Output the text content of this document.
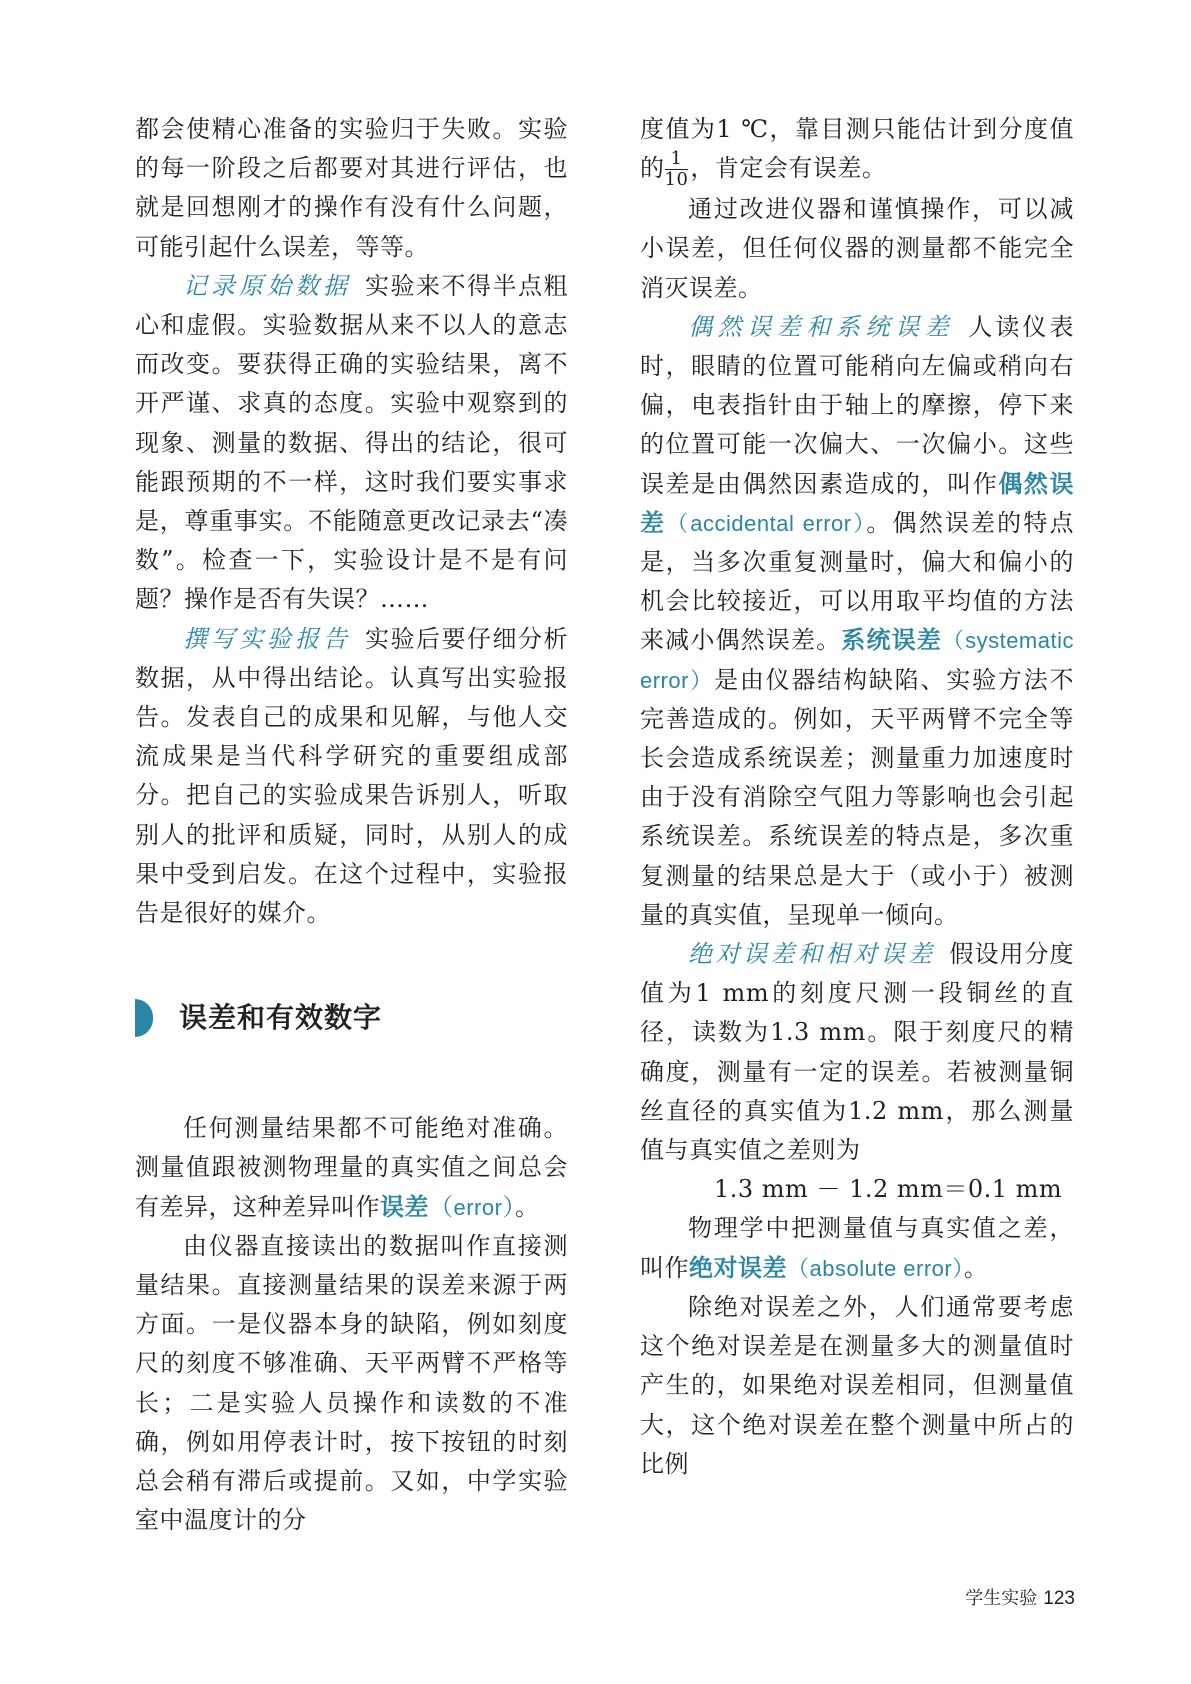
都会使精心准备的实验归于失败。实验的每一阶段之后都要对其进行评估，也就是回想刚才的操作有没有什么问题，可能引起什么误差，等等。

记录原始数据 实验来不得半点粗心和虚假。实验数据从来不以人的意志而改变。要获得正确的实验结果，离不开严谨、求真的态度。实验中观察到的现象、测量的数据、得出的结论，很可能跟预期的不一样，这时我们要实事求是，尊重事实。不能随意更改记录去“凑数”。检查一下，实验设计是不是有问题？操作是否有失误？……

撰写实验报告 实验后要仔细分析数据，从中得出结论。认真写出实验报告。发表自己的成果和见解，与他人交流成果是当代科学研究的重要组成部分。把自己的实验成果告诉别人，听取别人的批评和质疑，同时，从别人的成果中受到启发。在这个过程中，实验报告是很好的媒介。

误差和有效数字

任何测量结果都不可能绝对准确。测量值跟被测物理量的真实值之间总会有差异，这种差异叫作误差（error）。

由仪器直接读出的数据叫作直接测量结果。直接测量结果的误差来源于两方面。一是仪器本身的缺陷，例如刻度尺的刻度不够准确、天平两臂不严格等长；二是实验人员操作和读数的不准确，例如用停表计时，按下按钮的时刻总会稍有滞后或提前。又如，中学实验室中温度计的分

度值为1 ℃，靠目测只能估计到分度值的 $\frac{1}{10}$ ，肯定会有误差。

通过改进仪器和谨慎操作，可以减小误差，但任何仪器的测量都不能完全消灭误差。

偶然误差和系统误差 人读仪表时，眼睛的位置可能稍向左偏或稍向右偏，电表指针由于轴上的摩擦，停下来的位置可能一次偏大、一次偏小。这些误差是由偶然因素造成的，叫作偶然误差（accidental error）。偶然误差的特点是，当多次重复测量时，偏大和偏小的机会比较接近，可以用取平均值的方法来减小偶然误差。系统误差（systematic error）是由仪器结构缺陷、实验方法不完善造成的。例如，天平两臂不完全等长会造成系统误差；测量重力加速度时由于没有消除空气阻力等影响也会引起系统误差。系统误差的特点是，多次重复测量的结果总是大于（或小于）被测量的真实值，呈现单一倾向。

绝对误差和相对误差 假设用分度值为1 mm的刻度尺测一段铜丝的直径，读数为1.3 mm。限于刻度尺的精确度，测量有一定的误差。若被测量铜丝直径的真实值为1.2 mm，那么测量值与真实值之差则为

1.3 mm － 1.2 mm＝0.1 mm

物理学中把测量值与真实值之差，叫作绝对误差（absolute error）。

除绝对误差之外，人们通常要考虑这个绝对误差是在测量多大的测量值时产生的，如果绝对误差相同，但测量值大，这个绝对误差在整个测量中所占的比例

学生实验 123
